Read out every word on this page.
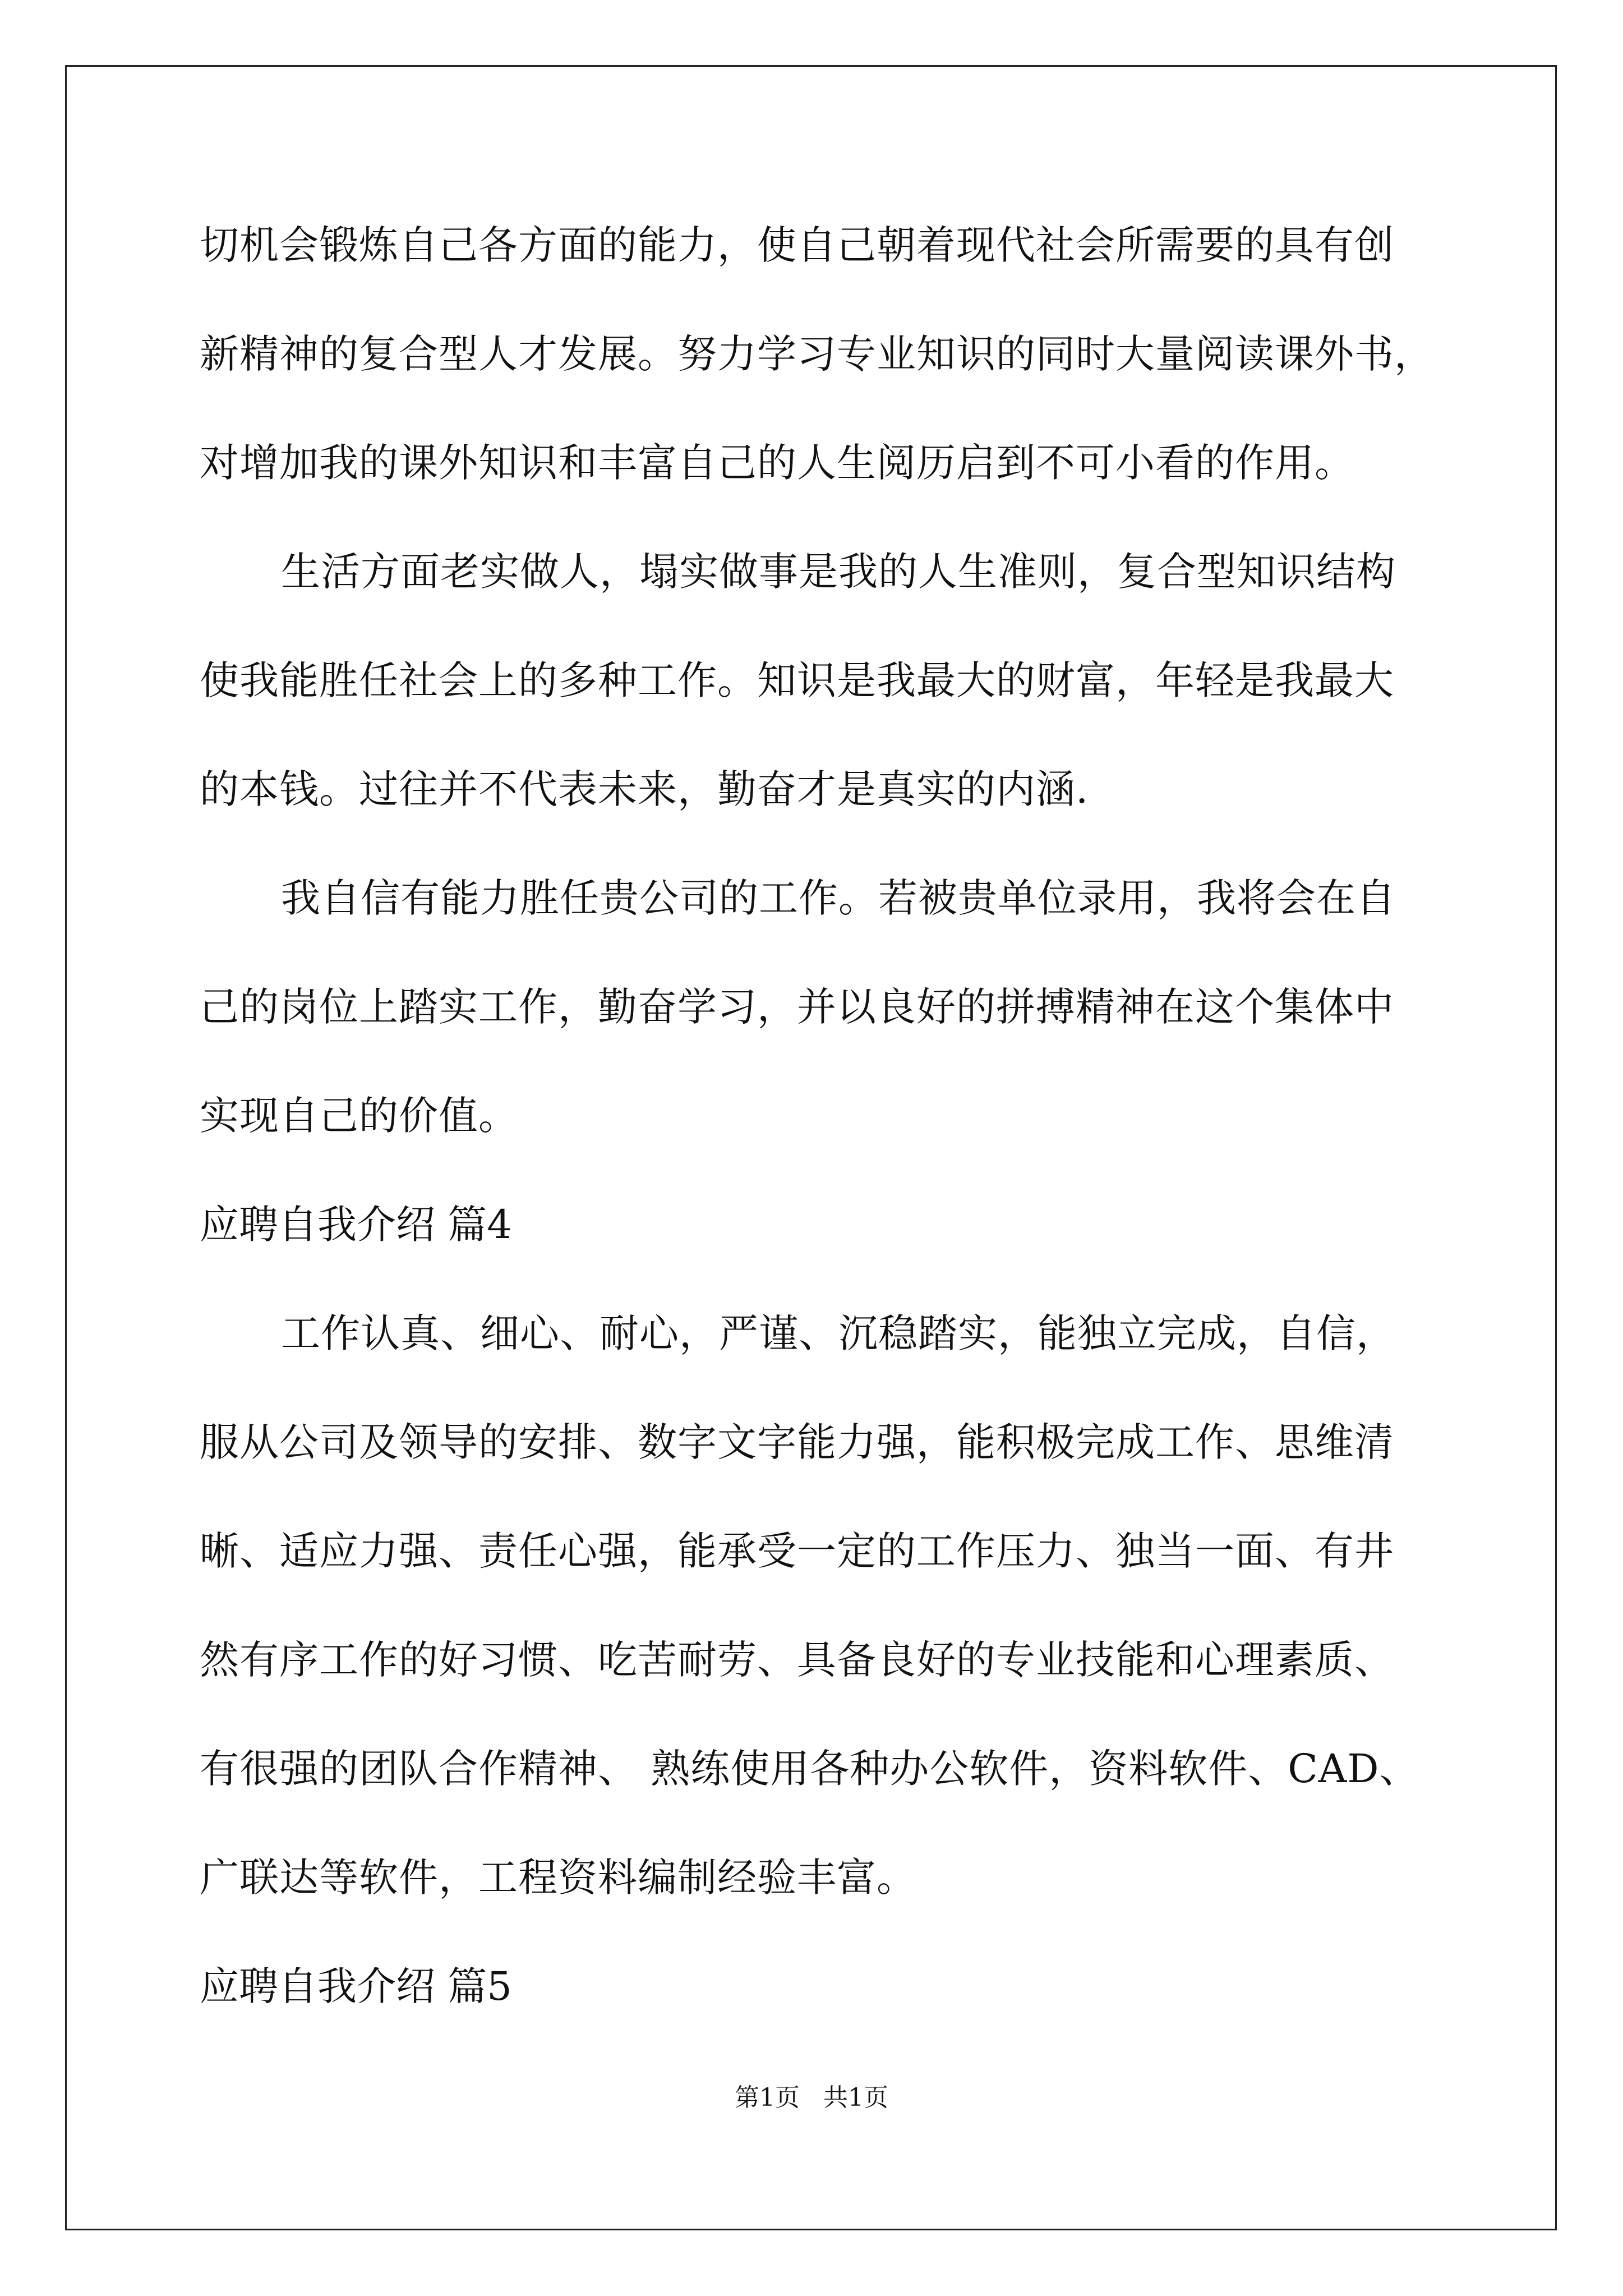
切机会锻炼自己各方面的能力，使自己朝着现代社会所需要的具有创
新精神的复合型人才发展。努力学习专业知识的同时大量阅读课外书，
对增加我的课外知识和丰富自己的人生阅历启到不可小看的作用。
生活方面老实做人，塌实做事是我的人生准则，复合型知识结构
使我能胜任社会上的多种工作。知识是我最大的财富，年轻是我最大
的本钱。过往并不代表未来，勤奋才是真实的内涵.
我自信有能力胜任贵公司的工作。若被贵单位录用，我将会在自
己的岗位上踏实工作，勤奋学习，并以良好的拼搏精神在这个集体中
实现自己的价值。
应聘自我介绍 篇4
工作认真、细心、耐心，严谨、沉稳踏实，能独立完成，自信，
服从公司及领导的安排、数字文字能力强，能积极完成工作、思维清
晰、适应力强、责任心强，能承受一定的工作压力、独当一面、有井
然有序工作的好习惯、吃苦耐劳、具备良好的专业技能和心理素质、
有很强的团队合作精神、 熟练使用各种办公软件，资料软件、CAD、
广联达等软件，工程资料编制经验丰富。
应聘自我介绍 篇5
第1页   共1页
